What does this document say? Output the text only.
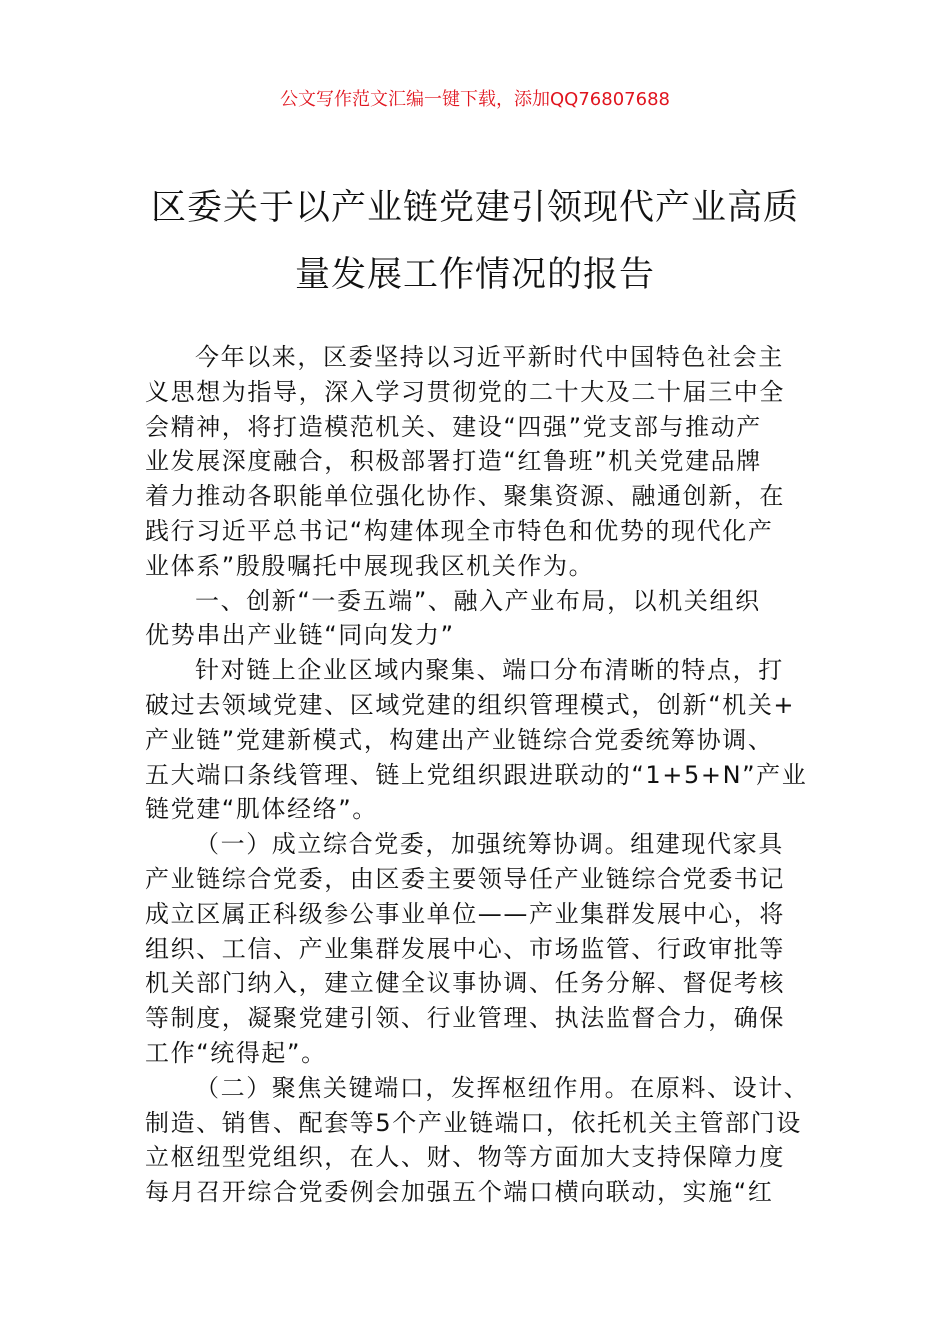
公文写作范文汇编一键下载，添加QQ76807688
区委关于以产业链党建引领现代产业高质
量发展工作情况的报告
今年以来，区委坚持以习近平新时代中国特色社会主
义思想为指导，深入学习贯彻党的二十大及二十届三中全
会精神，将打造模范机关、建设“四强”党支部与推动产
业发展深度融合，积极部署打造“红鲁班”机关党建品牌
着力推动各职能单位强化协作、聚集资源、融通创新，在
践行习近平总书记“构建体现全市特色和优势的现代化产
业体系”殷殷嘱托中展现我区机关作为。
一、创新“一委五端”、融入产业布局，以机关组织
优势串出产业链“同向发力”
针对链上企业区域内聚集、端口分布清晰的特点，打
破过去领域党建、区域党建的组织管理模式，创新“机关+
产业链”党建新模式，构建出产业链综合党委统筹协调、
五大端口条线管理、链上党组织跟进联动的“1+5+N”产业
链党建“肌体经络”。
（一）成立综合党委，加强统筹协调。组建现代家具
产业链综合党委，由区委主要领导任产业链综合党委书记
成立区属正科级参公事业单位——产业集群发展中心，将
组织、工信、产业集群发展中心、市场监管、行政审批等
机关部门纳入，建立健全议事协调、任务分解、督促考核
等制度，凝聚党建引领、行业管理、执法监督合力，确保
工作“统得起”。
（二）聚焦关键端口，发挥枢纽作用。在原料、设计、
制造、销售、配套等5个产业链端口，依托机关主管部门设
立枢纽型党组织，在人、财、物等方面加大支持保障力度
每月召开综合党委例会加强五个端口横向联动，实施“红
